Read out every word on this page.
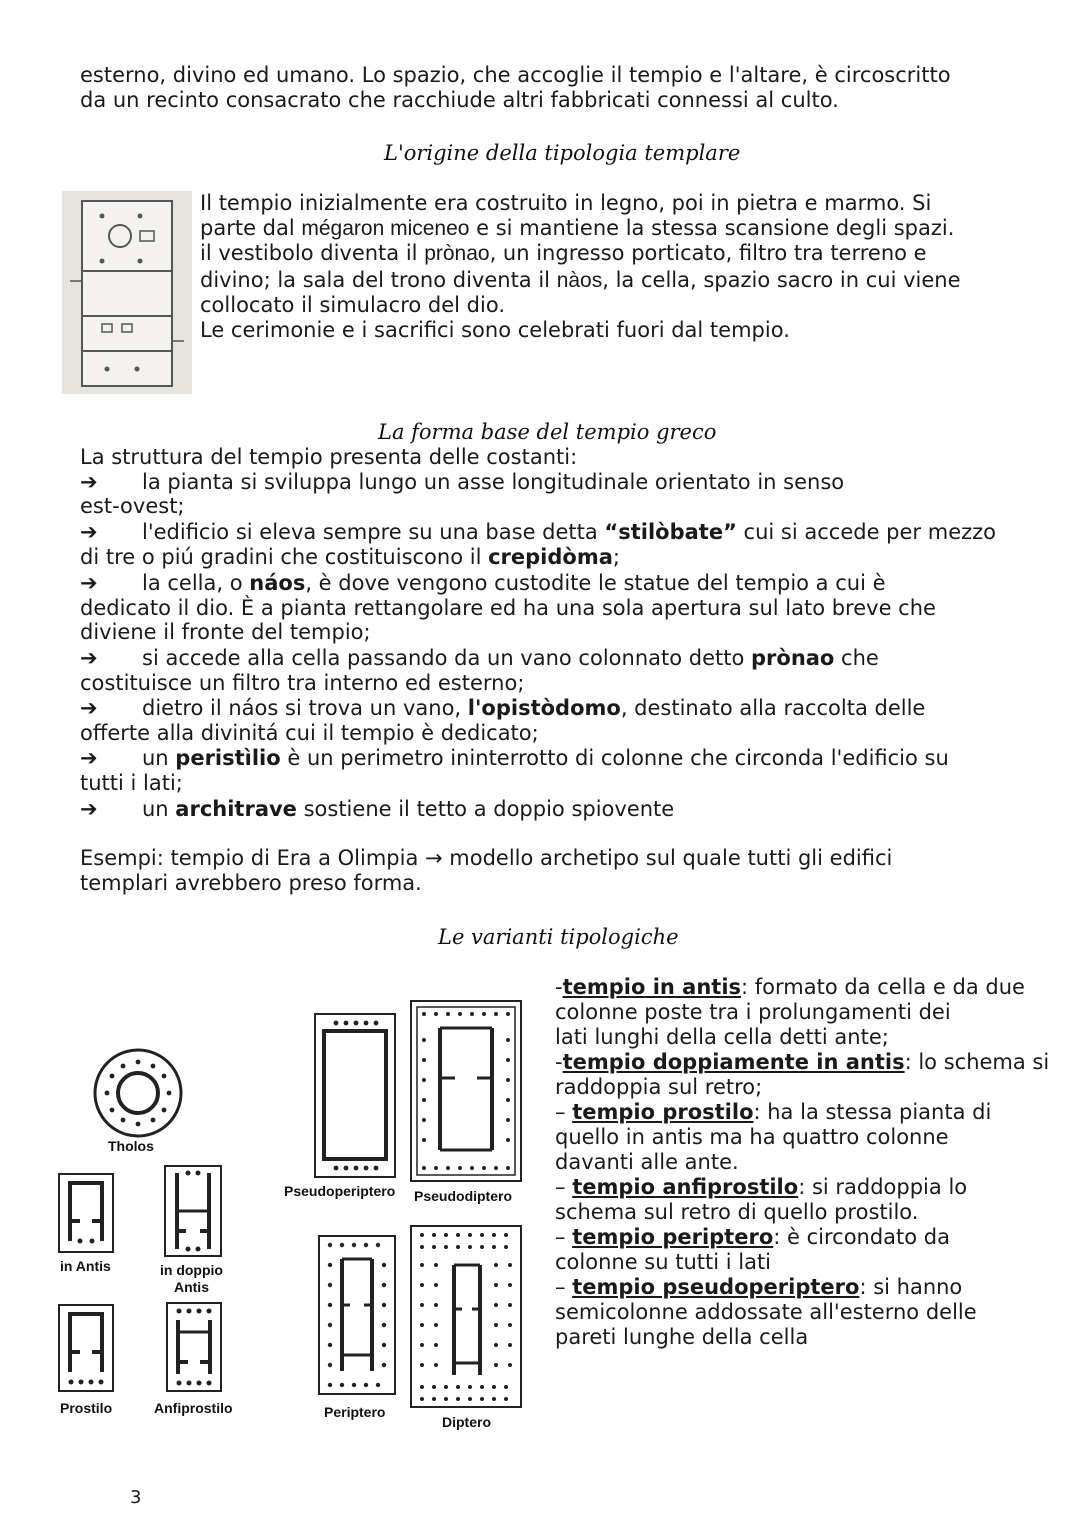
esterno, divino ed umano. Lo spazio, che accoglie il tempio e l'altare, è circoscritto

da un recinto consacrato che racchiude altri fabbricati connessi al culto.

L'origine della tipologia templare

Il tempio inizialmente era costruito in legno, poi in pietra e marmo. Si

parte dal mégaron miceneo e si mantiene la stessa scansione degli spazi.

il vestibolo diventa il prònao, un ingresso porticato, filtro tra terreno e

divino; la sala del trono diventa il nàos, la cella, spazio sacro in cui viene

collocato il simulacro del dio.

Le cerimonie e i sacrifici sono celebrati fuori dal tempio.

La forma base del tempio greco

La struttura del tempio presenta delle costanti:

➔ la pianta si sviluppa lungo un asse longitudinale orientato in senso

est-ovest;

➔ l'edificio si eleva sempre su una base detta “stilòbate” cui si accede per mezzo

di tre o piú gradini che costituiscono il crepidòma;

➔ la cella, o náos, è dove vengono custodite le statue del tempio a cui è

dedicato il dio. È a pianta rettangolare ed ha una sola apertura sul lato breve che

diviene il fronte del tempio;

➔ si accede alla cella passando da un vano colonnato detto prònao che

costituisce un filtro tra interno ed esterno;

➔ dietro il náos si trova un vano, l'opistòdomo, destinato alla raccolta delle

offerte alla divinitá cui il tempio è dedicato;

➔ un peristìlio è un perimetro ininterrotto di colonne che circonda l'edificio su

tutti i lati;

➔ un architrave sostiene il tetto a doppio spiovente

Esempi: tempio di Era a Olimpia → modello archetipo sul quale tutti gli edifici

templari avrebbero preso forma.

Le varianti tipologiche

-tempio in antis: formato da cella e da due

colonne poste tra i prolungamenti dei

lati lunghi della cella detti ante;

-tempio doppiamente in antis: lo schema si

raddoppia sul retro;

– tempio prostilo: ha la stessa pianta di

quello in antis ma ha quattro colonne

davanti alle ante.

– tempio anfiprostilo: si raddoppia lo

schema sul retro di quello prostilo.

– tempio periptero: è circondato da

colonne su tutti i lati

– tempio pseudoperiptero: si hanno

semicolonne addossate all'esterno delle

pareti lunghe della cella

Tholos
in Antis	in doppio
Antis
Prostilo	Anfiprostilo
Pseudoperiptero Pseudodiptero
Periptero
Diptero
3
